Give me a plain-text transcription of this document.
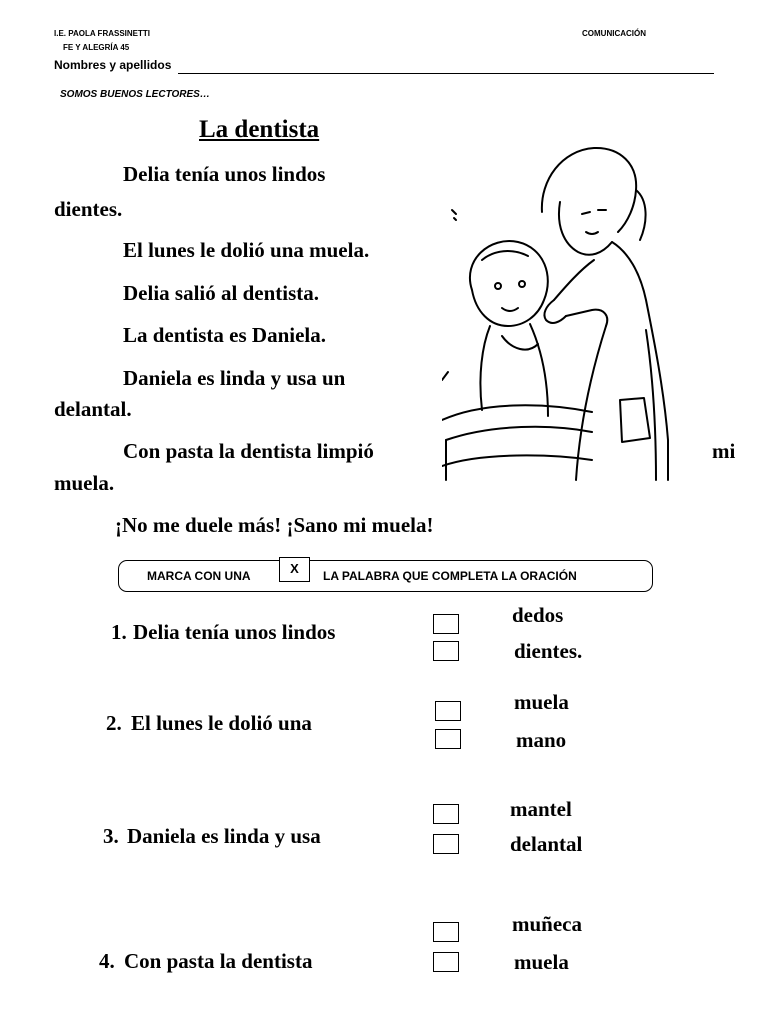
I.E. PAOLA FRASSINETTI
FE Y ALEGRÍA 45
COMUNICACIÓN
Nombres y apellidos
SOMOS BUENOS LECTORES…
La dentista
Delia tenía unos lindos
dientes.
El lunes le dolió una muela.
Delia salió al dentista.
La dentista es Daniela.
Daniela es linda y usa un
delantal.
Con pasta la dentista limpió	mi
muela.
¡No me duele más! ¡Sano mi muela!
MARCA CON UNA	X	LA PALABRA QUE COMPLETA LA ORACIÓN
1. Delia tenía unos lindos
dedos
dientes.
2. El lunes le dolió una
muela
mano
3. Daniela es linda y usa
mantel
delantal
4. Con pasta la dentista
muñeca
muela
